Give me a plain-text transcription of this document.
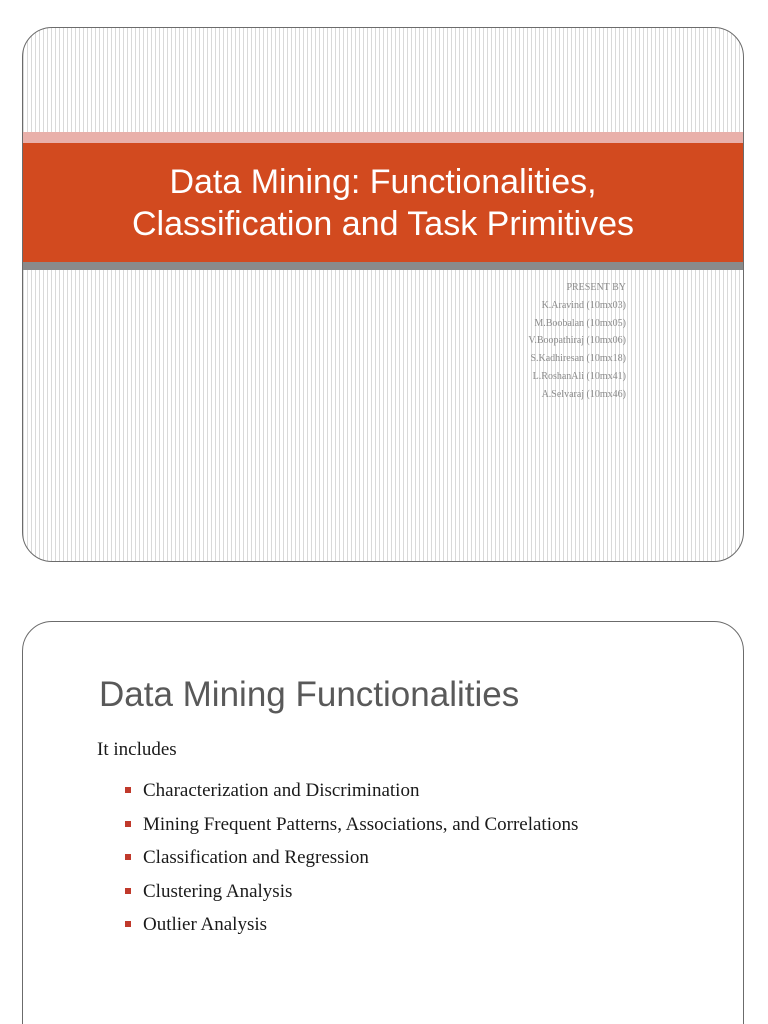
Data Mining: Functionalities,
Classification and Task Primitives
PRESENT BY
K.Aravind (10mx03)
M.Boobalan (10mx05)
V.Boopathiraj (10mx06)
S.Kadhiresan (10mx18)
L.RoshanAli (10mx41)
A.Selvaraj (10mx46)
Data Mining Functionalities
It includes
Characterization and Discrimination
Mining Frequent Patterns, Associations, and Correlations
Classification and Regression
Clustering Analysis
Outlier Analysis
